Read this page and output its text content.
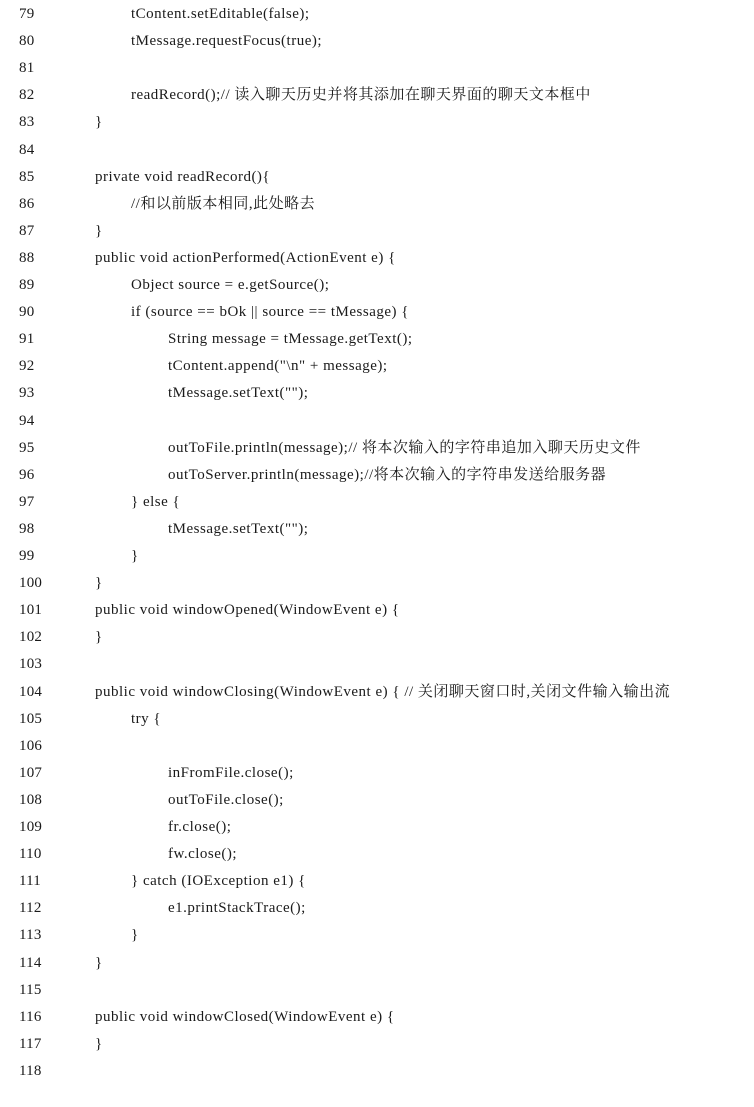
79	tContent.setEditable(false);
80	tMessage.requestFocus(true);
81
82	readRecord();// 读入聊天历史并将其添加在聊天界面的聊天文本框中
83	}
84
85	private void readRecord(){
86	//和以前版本相同,此处略去
87	}
88	public void actionPerformed(ActionEvent e) {
89	Object source = e.getSource();
90	if (source == bOk || source == tMessage) {
91	String message = tMessage.getText();
92	tContent.append("\n" + message);
93	tMessage.setText("");
94
95	outToFile.println(message);// 将本次输入的字符串追加入聊天历史文件
96	outToServer.println(message);//将本次输入的字符串发送给服务器
97	} else {
98	tMessage.setText("");
99	}
100	}
101	public void windowOpened(WindowEvent e) {
102	}
103
104	public void windowClosing(WindowEvent e) { // 关闭聊天窗口时,关闭文件输入输出流
105	try {
106
107	inFromFile.close();
108	outToFile.close();
109	fr.close();
110	fw.close();
111	} catch (IOException e1) {
112	e1.printStackTrace();
113	}
114	}
115
116	public void windowClosed(WindowEvent e) {
117	}
118
